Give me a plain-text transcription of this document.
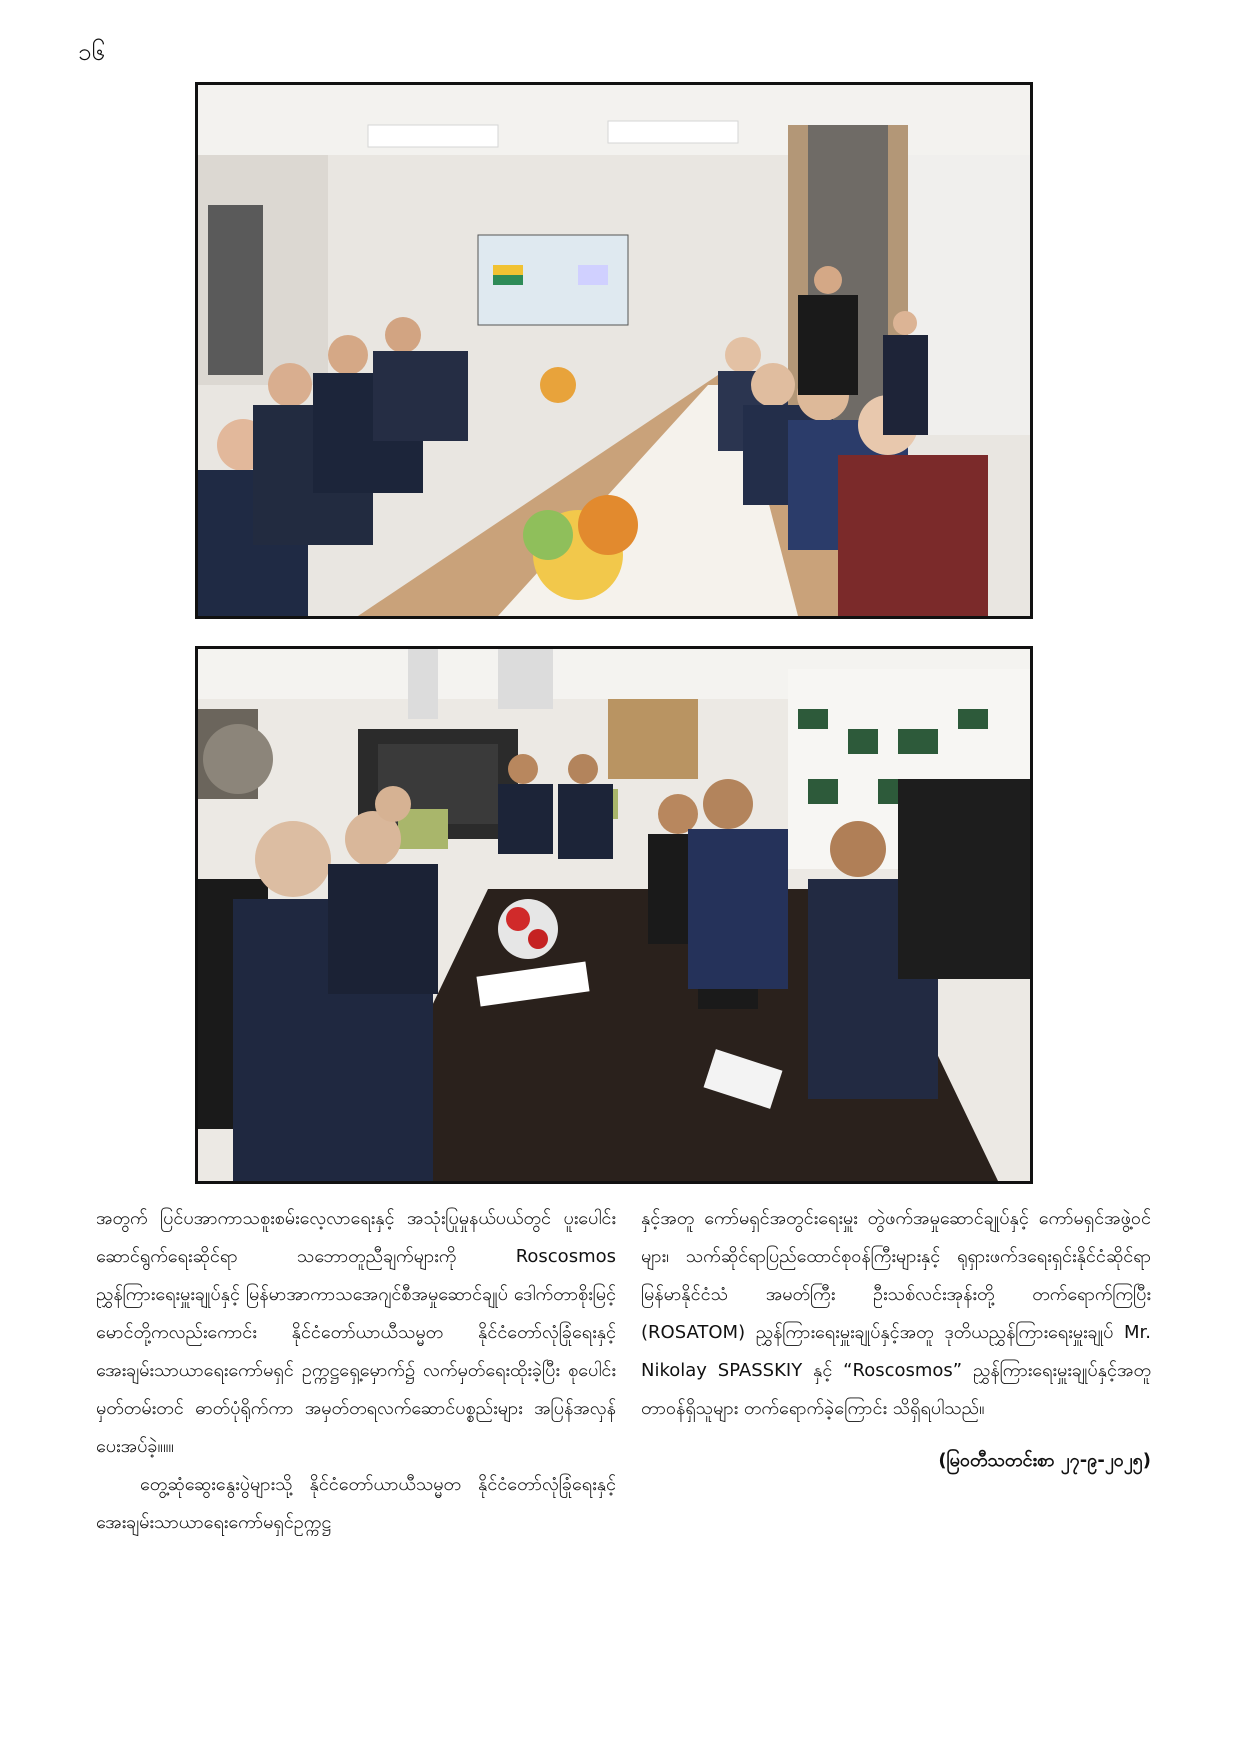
၁၆

အတွက် ပြင်ပအာကာသစူးစမ်းလေ့လာရေးနှင့် အသုံးပြုမှုနယ်ပယ်တွင် ပူးပေါင်းဆောင်ရွက်ရေးဆိုင်ရာ သဘောတူညီချက်များကို Roscosmos ညွှန်ကြားရေးမှူးချုပ်နှင့် မြန်မာအာကာသအေဂျင်စီအမှုဆောင်ချုပ် ဒေါက်တာစိုးမြင့်မောင်တို့ကလည်းကောင်း နိုင်ငံတော်ယာယီသမ္မတ နိုင်ငံတော်လုံခြုံရေးနှင့် အေးချမ်းသာယာရေးကော်မရှင် ဥက္ကဋ္ဌရှေ့မှောက်၌ လက်မှတ်ရေးထိုးခဲ့ပြီး စုပေါင်းမှတ်တမ်းတင် ဓာတ်ပုံရိုက်ကာ အမှတ်တရလက်ဆောင်ပစ္စည်းများ အပြန်အလှန် ပေးအပ်ခဲ့။။။

တွေ့ဆုံဆွေးနွေးပွဲများသို့ နိုင်ငံတော်ယာယီသမ္မတ နိုင်ငံတော်လုံခြုံရေးနှင့်အေးချမ်းသာယာရေးကော်မရှင်ဥက္ကဋ္ဌ

နှင့်အတူ ကော်မရှင်အတွင်းရေးမှူး တွဲဖက်အမှုဆောင်ချုပ်နှင့် ကော်မရှင်အဖွဲ့ဝင်များ၊ သက်ဆိုင်ရာပြည်ထောင်စုဝန်ကြီးများနှင့် ရုရှားဖက်ဒရေးရှင်းနိုင်ငံဆိုင်ရာ မြန်မာနိုင်ငံသံ အမတ်ကြီး ဦးသစ်လင်းအုန်းတို့ တက်ရောက်ကြပြီး (ROSATOM) ညွှန်ကြားရေးမှူးချုပ်နှင့်အတူ ဒုတိယညွှန်ကြားရေးမှူးချုပ် Mr. Nikolay SPASSKIY နှင့် “Roscosmos” ညွှန်ကြားရေးမှူးချုပ်နှင့်အတူ တာဝန်ရှိသူများ တက်ရောက်ခဲ့ကြောင်း သိရှိရပါသည်။

(မြဝတီသတင်းစာ ၂၇-၉-၂၀၂၅)
